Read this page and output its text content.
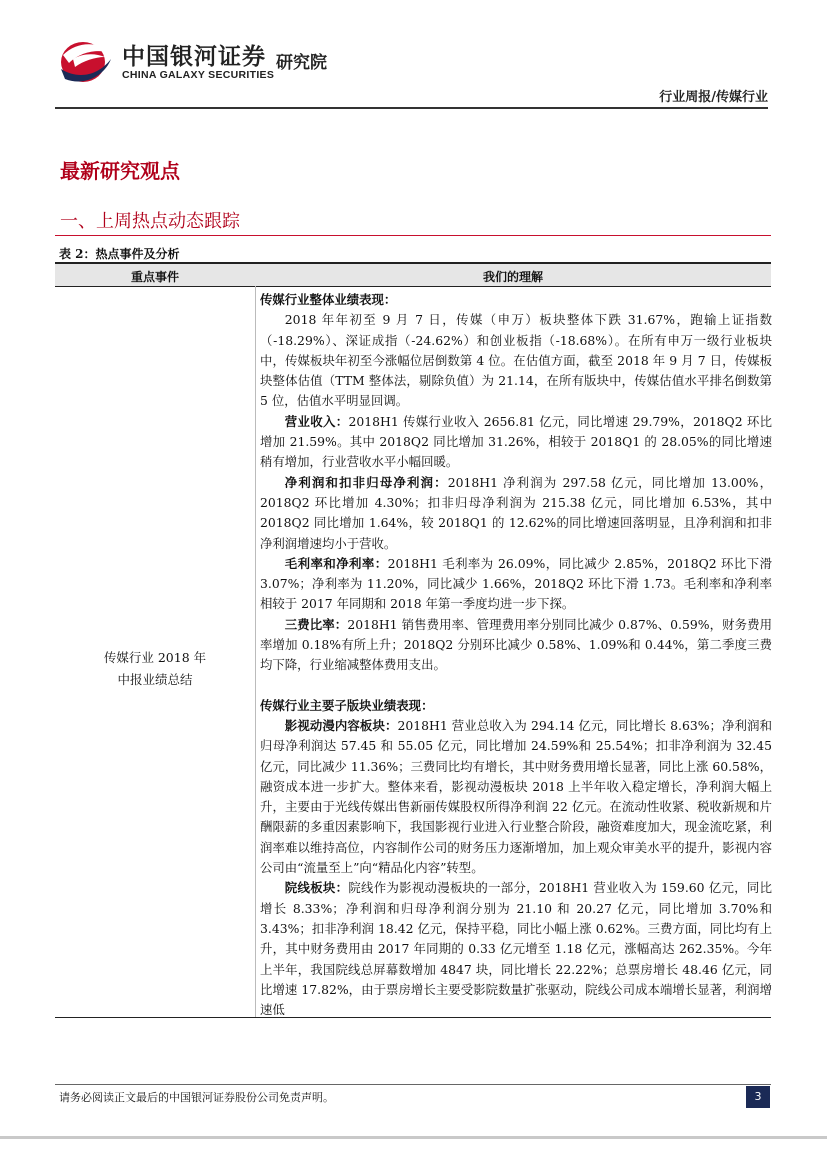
中国银河证券
CHINA GALAXY SECURITIES
研究院
行业周报/传媒行业
最新研究观点
一、上周热点动态跟踪
表 2：热点事件及分析
重点事件	我们的理解
传媒行业 2018 年
中报业绩总结
传媒行业整体业绩表现：
2018 年年初至 9 月 7 日，传媒（申万）板块整体下跌 31.67%，跑输上证指数（-18.29%）、深证成指（-24.62%）和创业板指（-18.68%）。在所有申万一级行业板块中，传媒板块年初至今涨幅位居倒数第 4 位。在估值方面，截至 2018 年 9 月 7 日，传媒板块整体估值（TTM 整体法，剔除负值）为 21.14，在所有版块中，传媒估值水平排名倒数第 5 位，估值水平明显回调。
营业收入：2018H1 传媒行业收入 2656.81 亿元，同比增速 29.79%，2018Q2 环比增加 21.59%。其中 2018Q2 同比增加 31.26%，相较于 2018Q1 的 28.05%的同比增速稍有增加，行业营收水平小幅回暖。
净利润和扣非归母净利润：2018H1 净利润为 297.58 亿元，同比增加 13.00%，2018Q2 环比增加 4.30%；扣非归母净利润为 215.38 亿元，同比增加 6.53%，其中 2018Q2 同比增加 1.64%，较 2018Q1 的 12.62%的同比增速回落明显，且净利润和扣非净利润增速均小于营收。
毛利率和净利率：2018H1 毛利率为 26.09%，同比减少 2.85%，2018Q2 环比下滑 3.07%；净利率为 11.20%，同比减少 1.66%，2018Q2 环比下滑 1.73。毛利率和净利率相较于 2017 年同期和 2018 年第一季度均进一步下探。
三费比率：2018H1 销售费用率、管理费用率分别同比减少 0.87%、0.59%，财务费用率增加 0.18%有所上升；2018Q2 分别环比减少 0.58%、1.09%和 0.44%，第二季度三费均下降，行业缩减整体费用支出。
传媒行业主要子版块业绩表现：
影视动漫内容板块：2018H1 营业总收入为 294.14 亿元，同比增长 8.63%；净利润和归母净利润达 57.45 和 55.05 亿元，同比增加 24.59%和 25.54%；扣非净利润为 32.45 亿元，同比减少 11.36%；三费同比均有增长，其中财务费用增长显著，同比上涨 60.58%，融资成本进一步扩大。整体来看，影视动漫板块 2018 上半年收入稳定增长，净利润大幅上升，主要由于光线传媒出售新丽传媒股权所得净利润 22 亿元。在流动性收紧、税收新规和片酬限薪的多重因素影响下，我国影视行业进入行业整合阶段，融资难度加大，现金流吃紧，利润率难以维持高位，内容制作公司的财务压力逐渐增加，加上观众审美水平的提升，影视内容公司由“流量至上”向“精品化内容”转型。
院线板块：院线作为影视动漫板块的一部分，2018H1 营业收入为 159.60 亿元，同比增长 8.33%；净利润和归母净利润分别为 21.10 和 20.27 亿元，同比增加 3.70%和 3.43%；扣非净利润 18.42 亿元，保持平稳，同比小幅上涨 0.62%。三费方面，同比均有上升，其中财务费用由 2017 年同期的 0.33 亿元增至 1.18 亿元，涨幅高达 262.35%。今年上半年，我国院线总屏幕数增加 4847 块，同比增长 22.22%；总票房增长 48.46 亿元，同比增速 17.82%，由于票房增长主要受影院数量扩张驱动，院线公司成本端增长显著，利润增速低
请务必阅读正文最后的中国银河证券股份公司免责声明。	3
